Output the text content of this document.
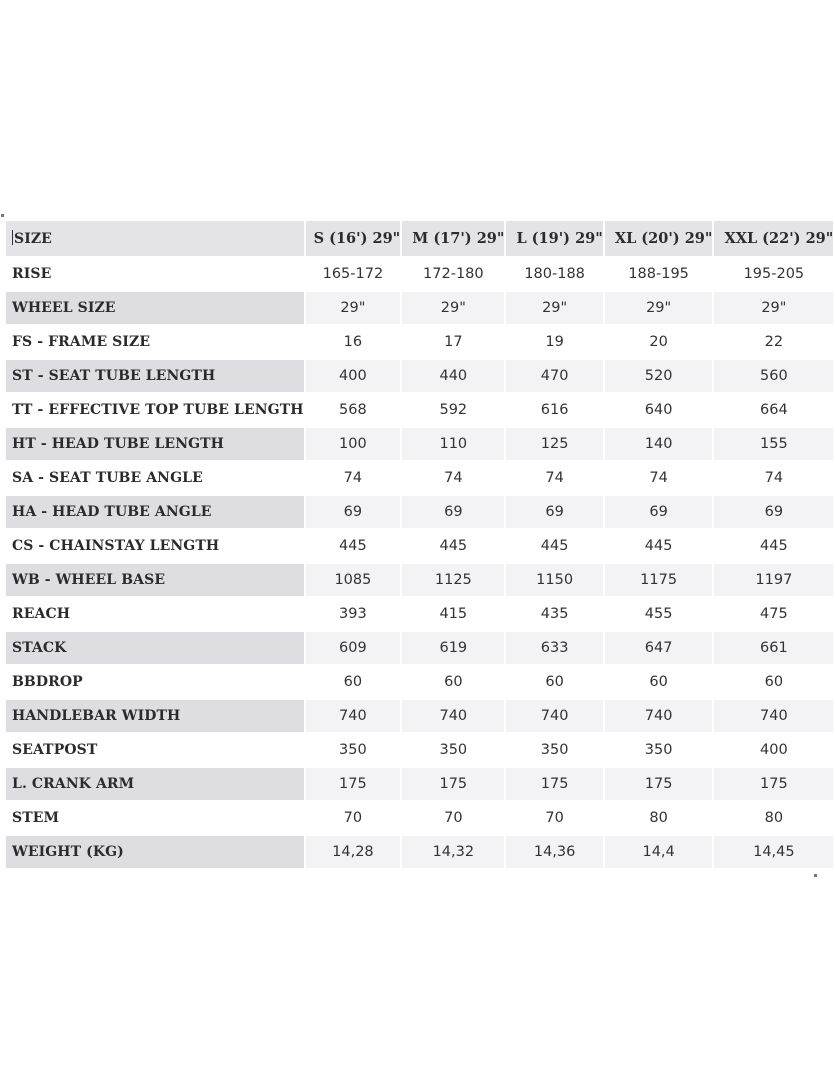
SIZE	S (16') 29"	M (17') 29"	L (19') 29"	XL (20') 29"	XXL (22') 29"
RISE	165-172	172-180	180-188	188-195	195-205
WHEEL SIZE	29"	29"	29"	29"	29"
FS - FRAME SIZE	16	17	19	20	22
ST - SEAT TUBE LENGTH	400	440	470	520	560
TT - EFFECTIVE TOP TUBE LENGTH	568	592	616	640	664
HT - HEAD TUBE LENGTH	100	110	125	140	155
SA - SEAT TUBE ANGLE	74	74	74	74	74
HA - HEAD TUBE ANGLE	69	69	69	69	69
CS - CHAINSTAY LENGTH	445	445	445	445	445
WB - WHEEL BASE	1085	1125	1150	1175	1197
REACH	393	415	435	455	475
STACK	609	619	633	647	661
BBDROP	60	60	60	60	60
HANDLEBAR WIDTH	740	740	740	740	740
SEATPOST	350	350	350	350	400
L. CRANK ARM	175	175	175	175	175
STEM	70	70	70	80	80
WEIGHT (KG)	14,28	14,32	14,36	14,4	14,45
